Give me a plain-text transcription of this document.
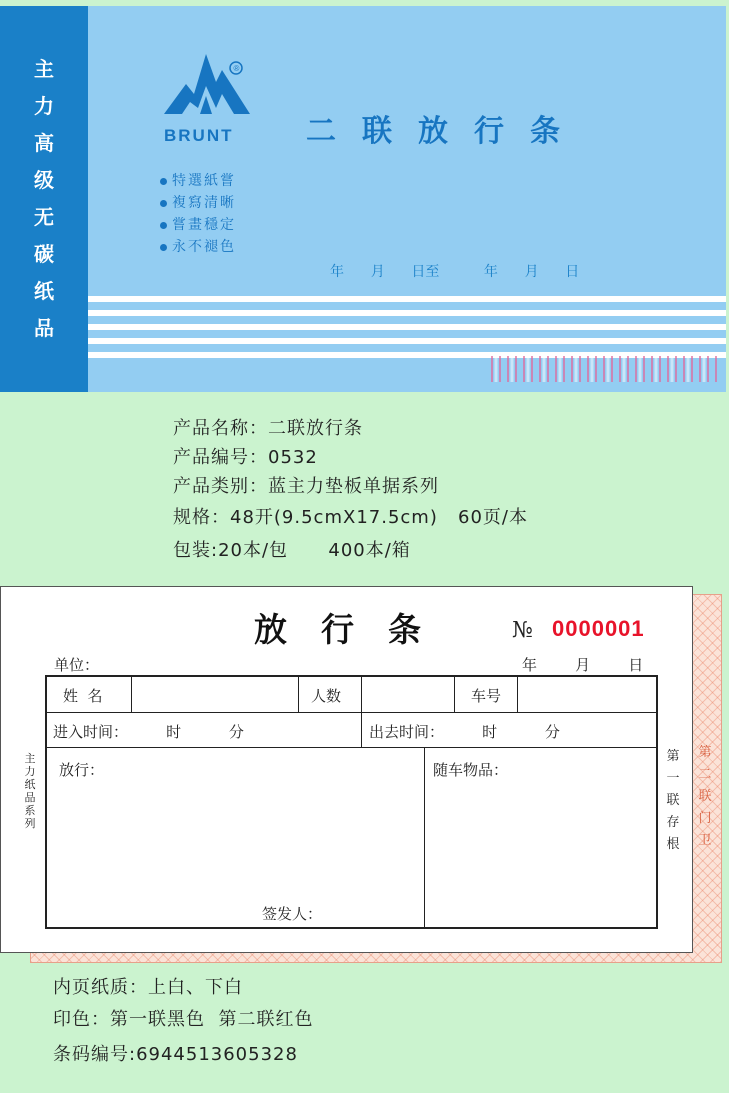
主
力
高
级
无
碳
纸
品
®
BRUNT 二联放行条
特選紙嘗
複寫清晰
嘗畫穩定
永不褪色
年      月      日至          年      月      日
产品名称：二联放行条
产品编号：0532
产品类别：蓝主力垫板单据系列
规格：48开(9.5cmX17.5cm)   60页/本
包装:20本/包      400本/箱
第二联门卫
放行条	№ 0000001
单位：	年        月        日
姓  名	人数	车号
进入时间：        时          分	出去时间：        时          分
放行：	随车物品：
签发人：
主力纸品系列
第一联存根
内页纸质：上白、下白
印色：第一联黑色  第二联红色
条码编号:6944513605328
